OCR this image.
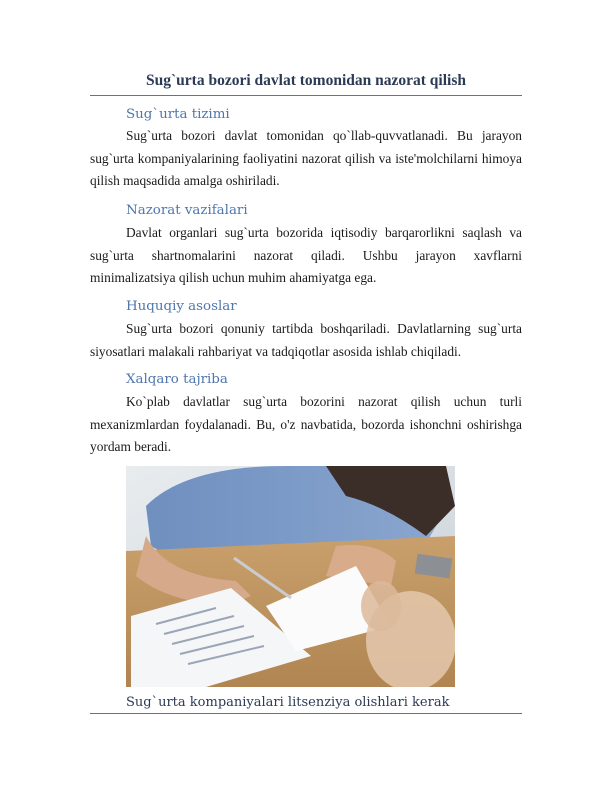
Sug`urta bozori davlat tomonidan nazorat qilish
Sug`urta tizimi
Sug`urta bozori davlat tomonidan qo`llab-quvvatlanadi. Bu jarayon sug`urta kompaniyalarining faoliyatini nazorat qilish va iste'molchilarni himoya qilish maqsadida amalga oshiriladi.
Nazorat vazifalari
Davlat organlari sug`urta bozorida iqtisodiy barqarorlikni saqlash va sug`urta shartnomalarini nazorat qiladi. Ushbu jarayon xavflarni minimalizatsiya qilish uchun muhim ahamiyatga ega.
Huquqiy asoslar
Sug`urta bozori qonuniy tartibda boshqariladi. Davlatlarning sug`urta siyosatlari malakali rahbariyat va tadqiqotlar asosida ishlab chiqiladi.
Xalqaro tajriba
Ko`plab davlatlar sug`urta bozorini nazorat qilish uchun turli mexanizmlardan foydalanadi. Bu, o'z navbatida, bozorda ishonchni oshirishga yordam beradi.
Sug`urta kompaniyalari litsenziya olishlari kerak
